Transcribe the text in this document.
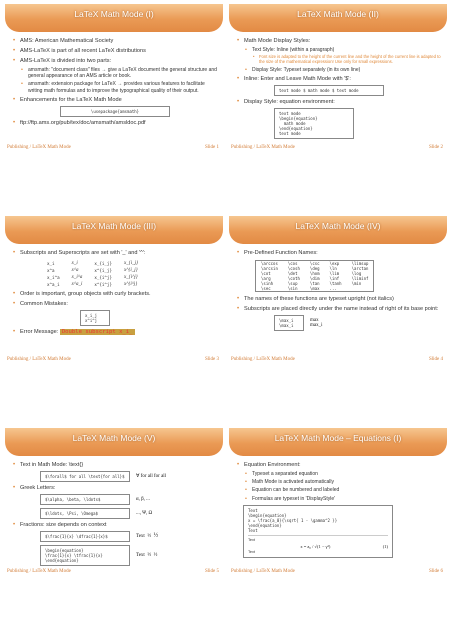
LaTeX Math Mode (I)
• AMS: American Mathematical Society
• AMS-LaTeX is part of all recent LaTeX distributions
• AMS-LaTeX is divided into two parts:
• amsmath: "document class" files → give a LaTeX document the general structure and general appearance of an AMS article or book.
• amsmath: extension package for LaTeX → provides various features to facilitate writing math formulas and to improve the typographical quality of their output.
• Enhancements for the LaTeX Math Mode
\usepackage{amsmath}
• ftp://ftp.ams.org/pub/tex/doc/amsmath/amsldoc.pdf
Publishing / LaTeX Math Mode	Slide 1
LaTeX Math Mode (II)
• Math Mode Display Styles:
• Text Style: Inline (within a paragraph)
• Font size is adapted to the height of the current line and the height of the current line is adapted to the size of the mathematical expression! Use only for small expressions.
• Display Style: Typeset separately (in its own line)
• Inline: Enter and Leave Math Mode with '$':
text mode $ math mode $ text mode
• Display Style: equation environment:
text mode
\begin{equation}
math mode
\end{equation}
text mode
Publishing / LaTeX Math Mode	Slide 2
LaTeX Math Mode (III)
• Subscripts and Superscripts are set with '_' and '^':
x_i	x_i	x_{i_j}	x_{i_j}
x^a	x^a	x^{i_j}	x^{i_j}
x_i^a	x_i^a	x_{i^j}	x_{i^j}
x^a_i	x^a_i	x^{i^j}	x^{i^j}
• Order is important, group objects with curly brackets.
• Common Mistakes:
x_i_j
x^i^j
• Error Message: Double subscript x_i_
Publishing / LaTeX Math Mode	Slide 3
LaTeX Math Mode (IV)
• Pre-Defined Function Names:
\arccos	\cos	\csc	\exp	\limsup
\arcsin	\cosh	\deg	\ln	\arctan
\cot	\det	\hom	\lim	\log
\arg	\coth	\dim	\inf	\liminf
\sinh	\sup	\tan	\tanh	\min
\sec	\sin	\max	...	
• The names of these functions are typeset upright (not italics)
• Subscripts are placed directly under the name instead of right of its base point:
\max_i
\max_i
max
max_i
Publishing / LaTeX Math Mode	Slide 4
LaTeX Math Mode (V)
• Text in Math Mode: \text{}
$\forall$ for all \text{for all}$	∀ for all for all
• Greek Letters:
$\alpha, \beta, \ldots$	α, β, ...
$\ldots, \Psi, \Omega$	..., Ψ, Ω
• Fractions: size depends on context
$\frac{1}{x} \dfrac{1}{x}$	Text  ½  ½
\begin{equation}
\frac{1}{x} \tfrac{1}{x}
\end{equation}
Text  ½  ½
Publishing / LaTeX Math Mode	Slide 5
LaTeX Math Mode – Equations (I)
• Equation Environment:
• Typeset a separated equation
• Math Mode is activated automatically
• Equation can be numbered and labeled
• Formulas are typeset in 'DisplayStyle'
Text
\begin{equation}
x = \frac{a_0}{\sqrt{ 1 - \gamma^2 }}
\end{equation}
Text
Text
x = a₀ / √(1 − γ²)	(1)
Text
Publishing / LaTeX Math Mode	Slide 6
